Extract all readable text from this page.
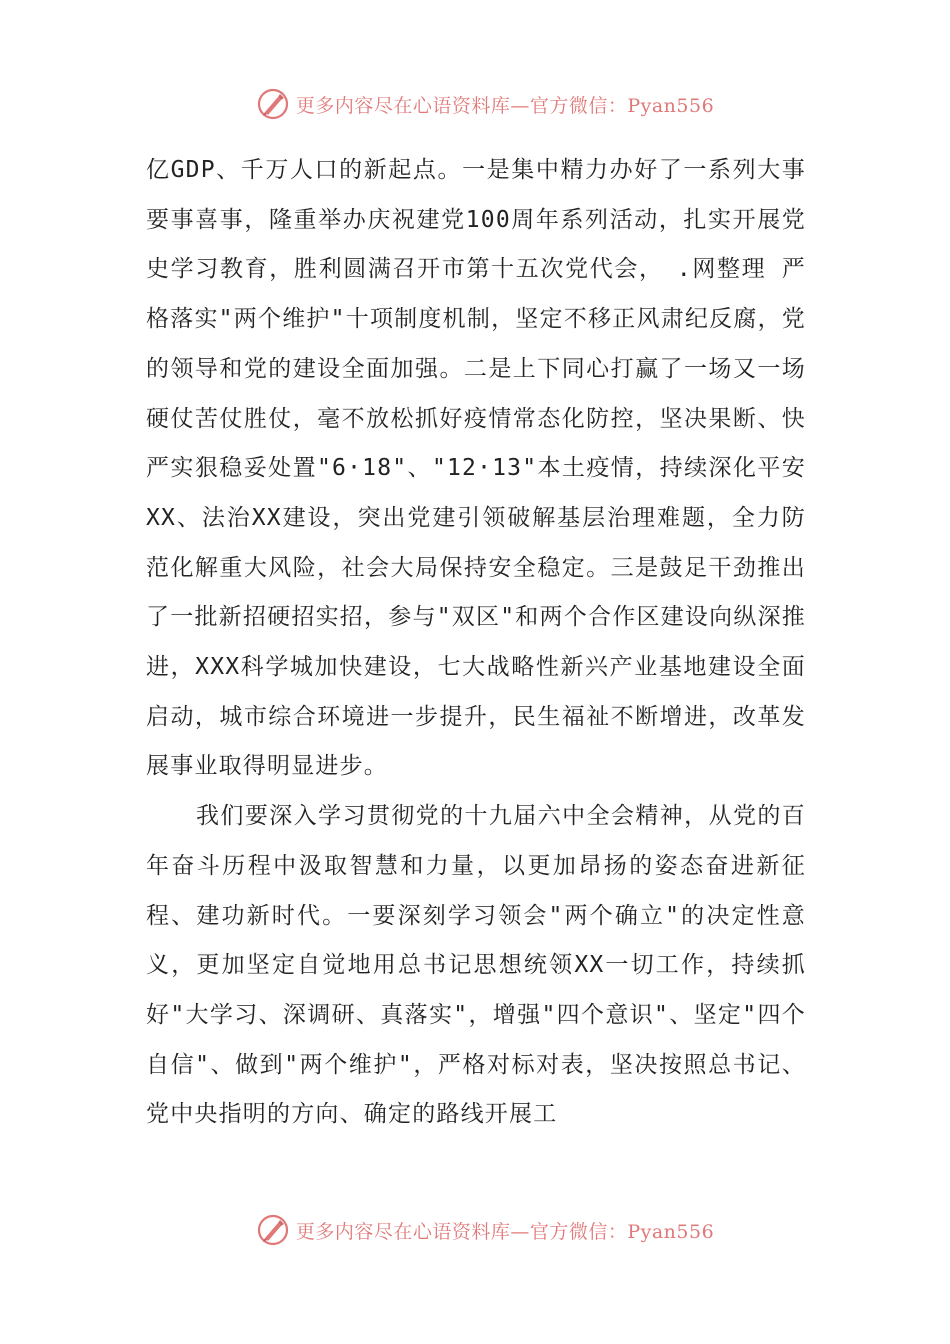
更多内容尽在心语资料库—官方微信：Pyan556

亿GDP、千万人口的新起点。一是集中精力办好了一系列大事要事喜事，隆重举办庆祝建党100周年系列活动，扎实开展党史学习教育，胜利圆满召开市第十五次党代会，　.网整理 严格落实"两个维护"十项制度机制，坚定不移正风肃纪反腐，党的领导和党的建设全面加强。二是上下同心打赢了一场又一场硬仗苦仗胜仗，毫不放松抓好疫情常态化防控，坚决果断、快严实狠稳妥处置"6·18"、"12·13"本土疫情，持续深化平安XX、法治XX建设，突出党建引领破解基层治理难题，全力防范化解重大风险，社会大局保持安全稳定。三是鼓足干劲推出了一批新招硬招实招，参与"双区"和两个合作区建设向纵深推进，XXX科学城加快建设，七大战略性新兴产业基地建设全面启动，城市综合环境进一步提升，民生福祉不断增进，改革发展事业取得明显进步。

我们要深入学习贯彻党的十九届六中全会精神，从党的百年奋斗历程中汲取智慧和力量，以更加昂扬的姿态奋进新征程、建功新时代。一要深刻学习领会"两个确立"的决定性意义，更加坚定自觉地用总书记思想统领XX一切工作，持续抓好"大学习、深调研、真落实"，增强"四个意识"、坚定"四个自信"、做到"两个维护"，严格对标对表，坚决按照总书记、党中央指明的方向、确定的路线开展工

更多内容尽在心语资料库—官方微信：Pyan556
